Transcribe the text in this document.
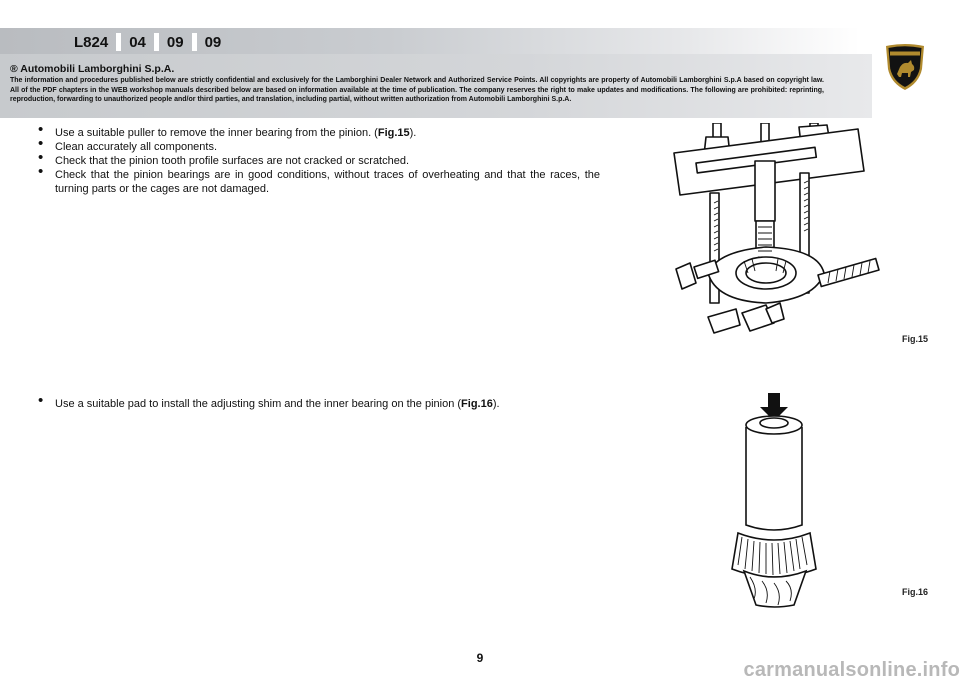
L824	04	09	09
® Automobili Lamborghini S.p.A.
The information and procedures published below are strictly confidential and exclusively for the Lamborghini Dealer Network and Authorized Service Points. All copyrights are property of Automobili Lamborghini S.p.A based on copyright law. All of the PDF chapters in the WEB workshop manuals described below are based on information available at the time of publication. The company reserves the right to make updates and modifications. The following are prohibited: reprinting, reproduction, forwarding to unauthorized people and/or third parties, and translation, including partial, without written authorization from Automobili Lamborghini S.p.A.
• Use a suitable puller to remove the inner bearing from the pinion. (Fig.15).
• Clean accurately all components.
• Check that the pinion tooth profile surfaces are not cracked or scratched.
• Check that the pinion bearings are in good conditions, without traces of overheating and that the races, the turning parts or the cages are not damaged.
Fig.15
• Use a suitable pad to install the adjusting shim and the inner bearing on the pinion (Fig.16).
Fig.16
9
carmanualsonline.info
